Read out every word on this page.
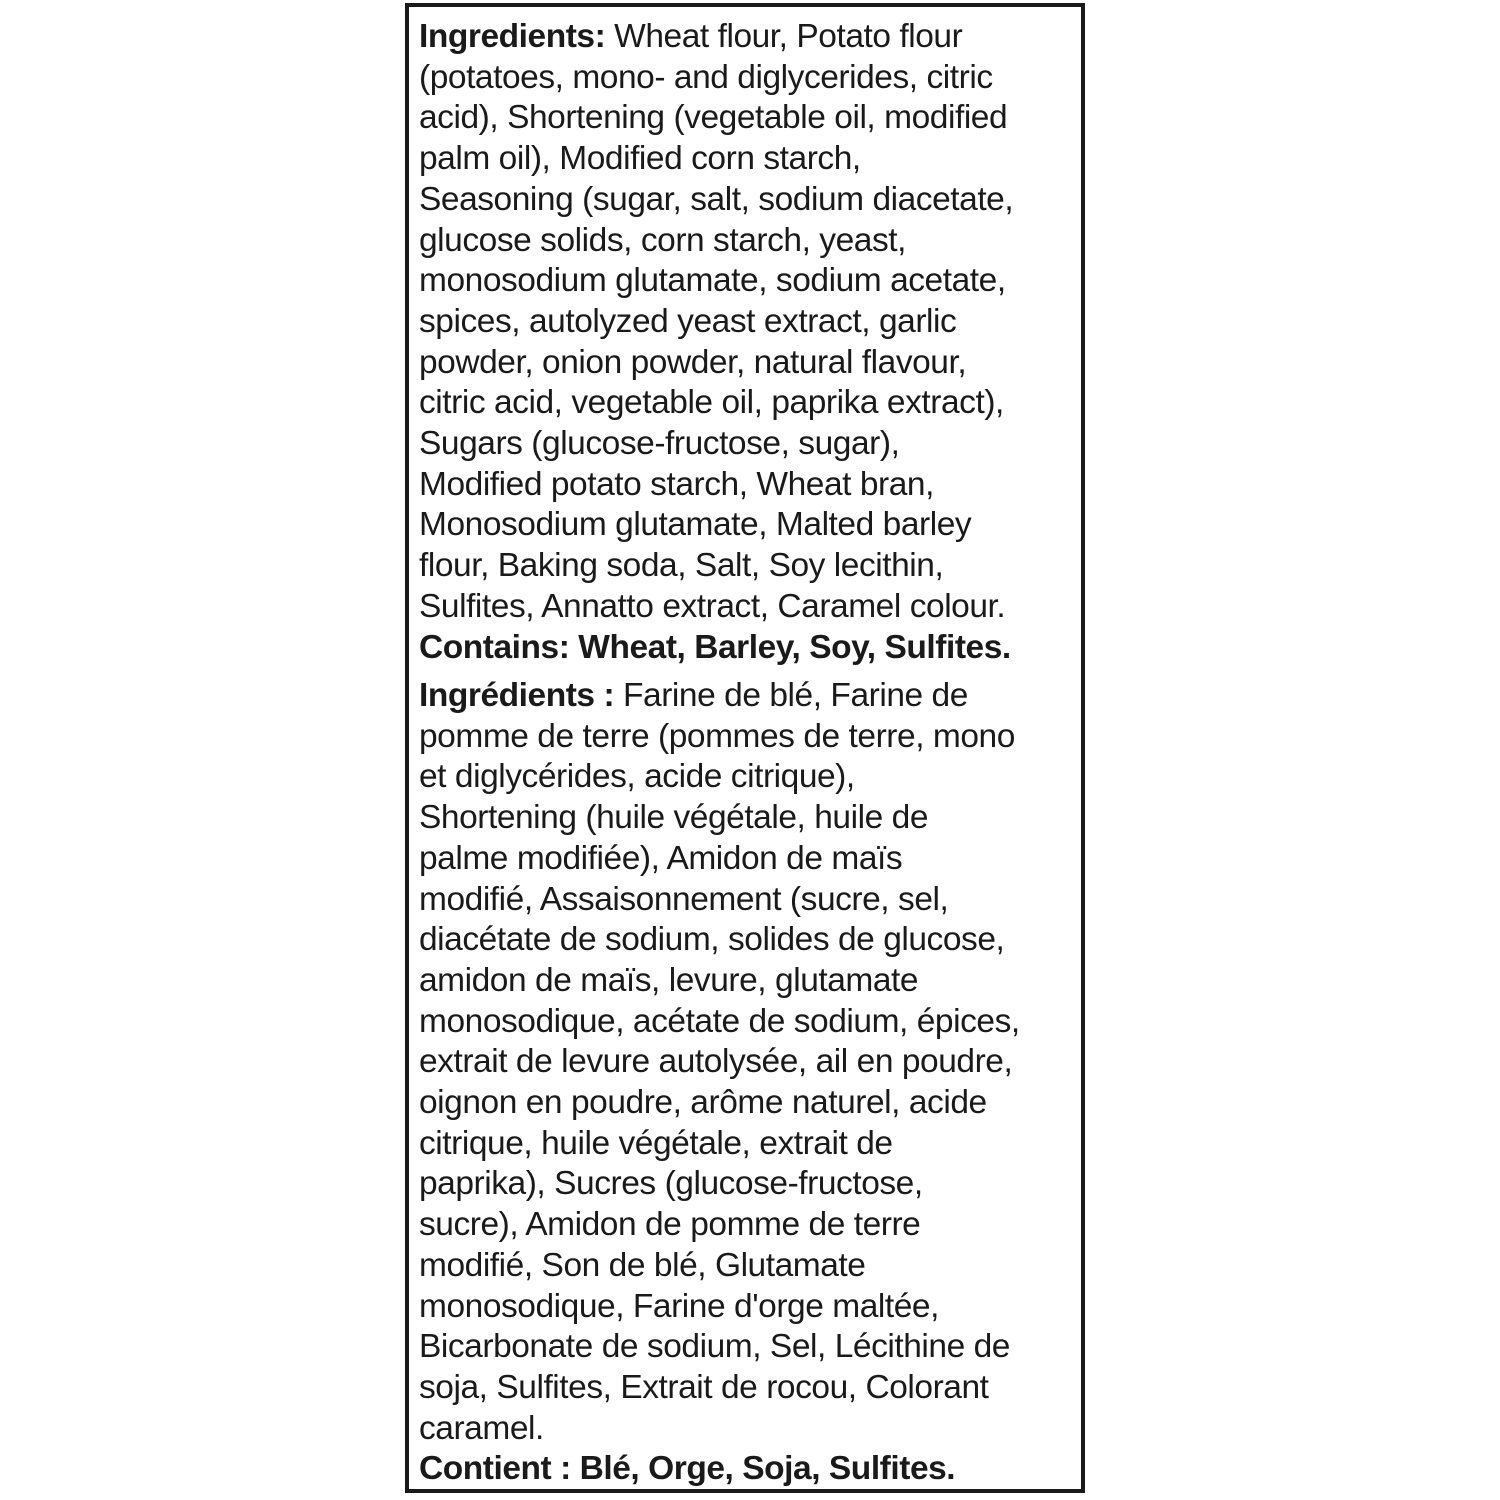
Ingredients: Wheat flour, Potato flour
(potatoes, mono- and diglycerides, citric
acid), Shortening (vegetable oil, modified
palm oil), Modified corn starch,
Seasoning (sugar, salt, sodium diacetate,
glucose solids, corn starch, yeast,
monosodium glutamate, sodium acetate,
spices, autolyzed yeast extract, garlic
powder, onion powder, natural flavour,
citric acid, vegetable oil, paprika extract),
Sugars (glucose-fructose, sugar),
Modified potato starch, Wheat bran,
Monosodium glutamate, Malted barley
flour, Baking soda, Salt, Soy lecithin,
Sulfites, Annatto extract, Caramel colour.
Contains: Wheat, Barley, Soy, Sulfites.
Ingrédients : Farine de blé, Farine de
pomme de terre (pommes de terre, mono
et diglycérides, acide citrique),
Shortening (huile végétale, huile de
palme modifiée), Amidon de maïs
modifié, Assaisonnement (sucre, sel,
diacétate de sodium, solides de glucose,
amidon de maïs, levure, glutamate
monosodique, acétate de sodium, épices,
extrait de levure autolysée, ail en poudre,
oignon en poudre, arôme naturel, acide
citrique, huile végétale, extrait de
paprika), Sucres (glucose-fructose,
sucre), Amidon de pomme de terre
modifié, Son de blé, Glutamate
monosodique, Farine d'orge maltée,
Bicarbonate de sodium, Sel, Lécithine de
soja, Sulfites, Extrait de rocou, Colorant
caramel.
Contient : Blé, Orge, Soja, Sulfites.
